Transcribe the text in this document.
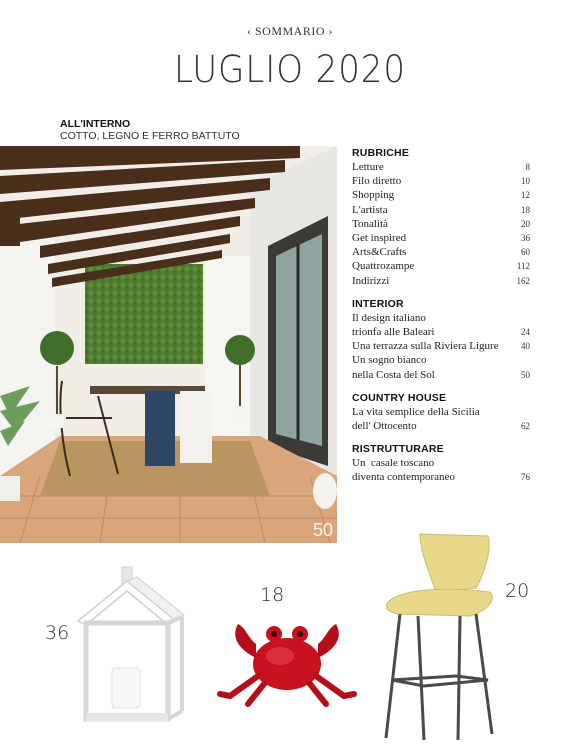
‹ SOMMARIO ›
LUGLIO 2020
ALL'INTERNO
COTTO, LEGNO E FERRO BATTUTO
50
RUBRICHE
Letture	8
Filo diretto	10
Shopping	12
L'artista	18
Tonalità	20
Get inspired	36
Arts&Crafts	60
Quattrozampe	112
Indirizzi	162
INTERIOR
Il design italiano
trionfa alle Baleari	24
Una terrazza sulla Riviera Ligure 40
Un sogno bianco
nella Costa del Sol	50
COUNTRY HOUSE
La vita semplice della Sicilia
dell' Ottocento	62
RISTRUTTURARE
Un  casale toscano
diventa contemporaneo	76
36
18	20
